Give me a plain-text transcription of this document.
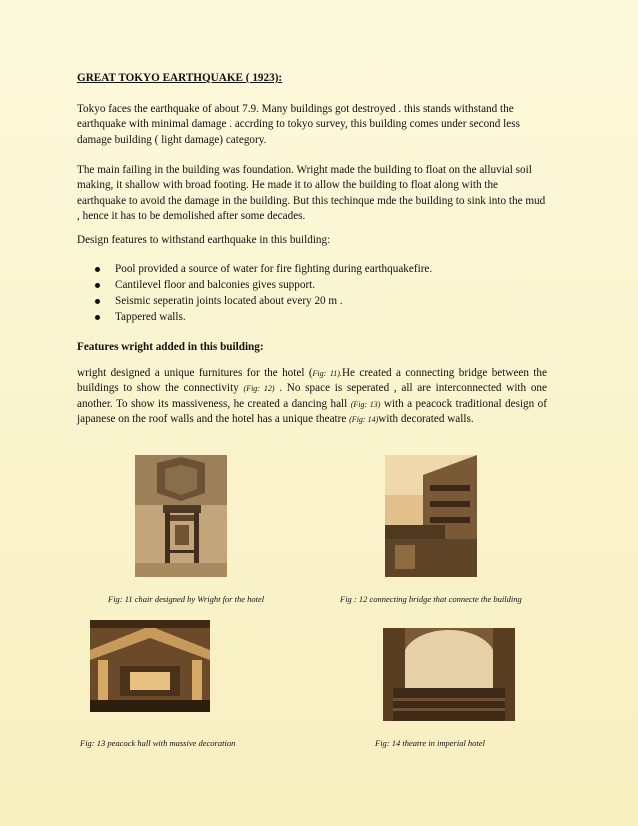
GREAT TOKYO EARTHQUAKE ( 1923):

Tokyo faces the earthquake of about 7.9. Many buildings got destroyed . this stands withstand the earthquake with minimal damage . accrding to tokyo survey, this building comes under second less damage building ( light damage) category.

The main failing in the building was foundation. Wright made the building to float on the alluvial soil making, it shallow with broad footing. He made it to allow the building to float along with the earthquake to avoid the damage in the building. But this techinque mde the building to sink into the mud , hence it has to be demolished after some decades.

Design features to withstand earthquake in this building:

Pool provided a source of water for fire fighting during earthquakefire.
Cantilevel floor and balconies gives support.
Seismic seperatin joints located about every 20 m .
Tappered walls.
Features wright added in this building:

wright designed a unique furnitures for the hotel (Fig: 11).He created a connecting bridge between the buildings to show the connectivity (Fig: 12) . No space is seperated , all are interconnected with one another. To show its massiveness, he created a dancing hall (Fig: 13) with a peacock traditional design of japanese on the roof walls and the hotel has a unique theatre (Fig: 14)with decorated walls.

Fig: 11 chair designed by Wright for the hotel	Fig : 12 connecting bridge that connecte the building
Fig: 13 peacock hall with massive decoration	Fig: 14 theatre in imperial hotel
